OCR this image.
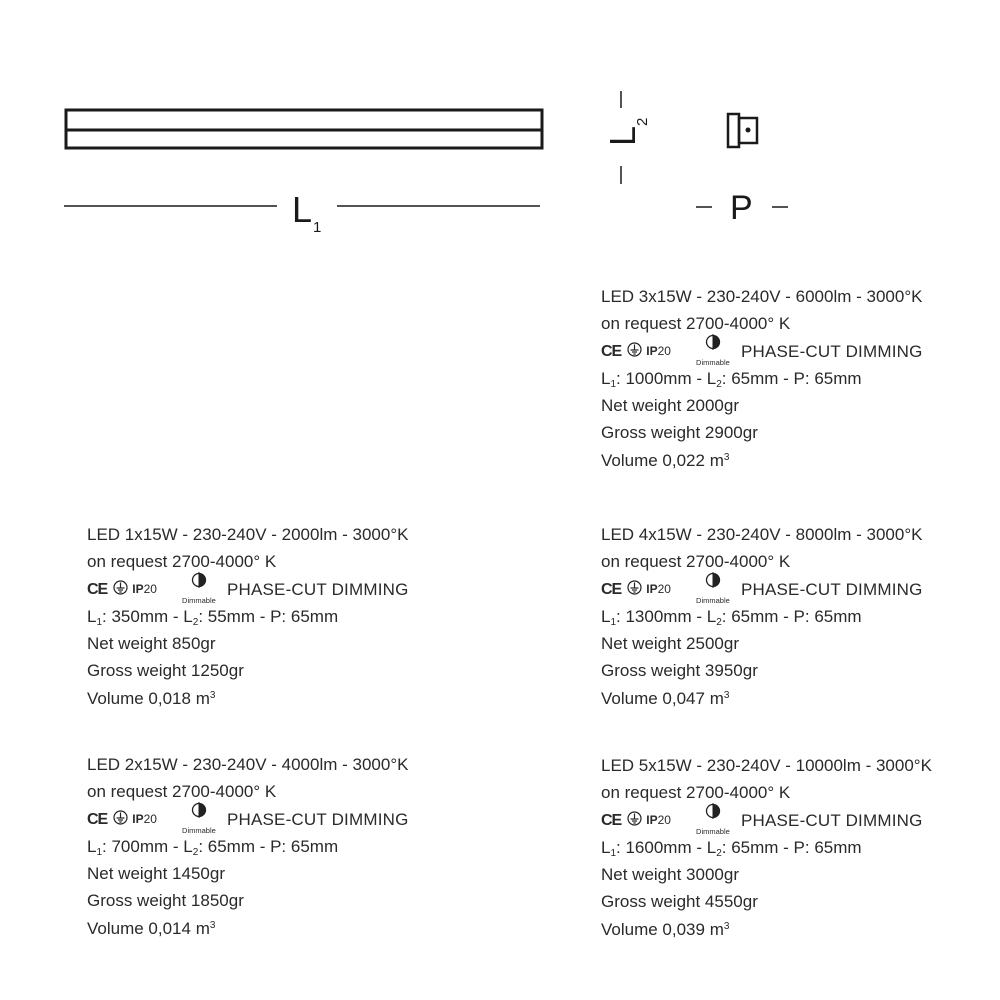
L 1
L
2
P
LED 3x15W - 230-240V - 6000lm - 3000°K
on request 2700-4000° K
CE IP20
Dimmable
PHASE-CUT DIMMING
$L_1$: $1000mm - L_2$: 65mm - P: 65mm
Net weight 2000gr
Gross weight 2900gr
Volume 0,022 $m^3$
LED 1x15W - 230-240V - 2000lm - 3000°K
on request 2700-4000° K
CE IP20
Dimmable
PHASE-CUT DIMMING
$L_1$: $350mm - L_2$: 55mm - P: 65mm
Net weight 850gr
Gross weight 1250gr
Volume 0,018 $m^3$
LED 4x15W - 230-240V - 8000lm - 3000°K
on request 2700-4000° K
CE IP20
Dimmable
PHASE-CUT DIMMING
$L_1$: $1300mm - L_2$: 65mm - P: 65mm
Net weight 2500gr
Gross weight 3950gr
Volume 0,047 $m^3$
LED 2x15W - 230-240V - 4000lm - 3000°K
on request 2700-4000° K
CE IP20
Dimmable
PHASE-CUT DIMMING
$L_1$: $700mm - L_2$: 65mm - P: 65mm
Net weight 1450gr
Gross weight 1850gr
Volume 0,014 $m^3$
LED 5x15W - 230-240V - 10000lm - 3000°K
on request 2700-4000° K
CE IP20
Dimmable
PHASE-CUT DIMMING
$L_1$: $1600mm - L_2$: 65mm - P: 65mm
Net weight 3000gr
Gross weight 4550gr
Volume 0,039 $m^3$
